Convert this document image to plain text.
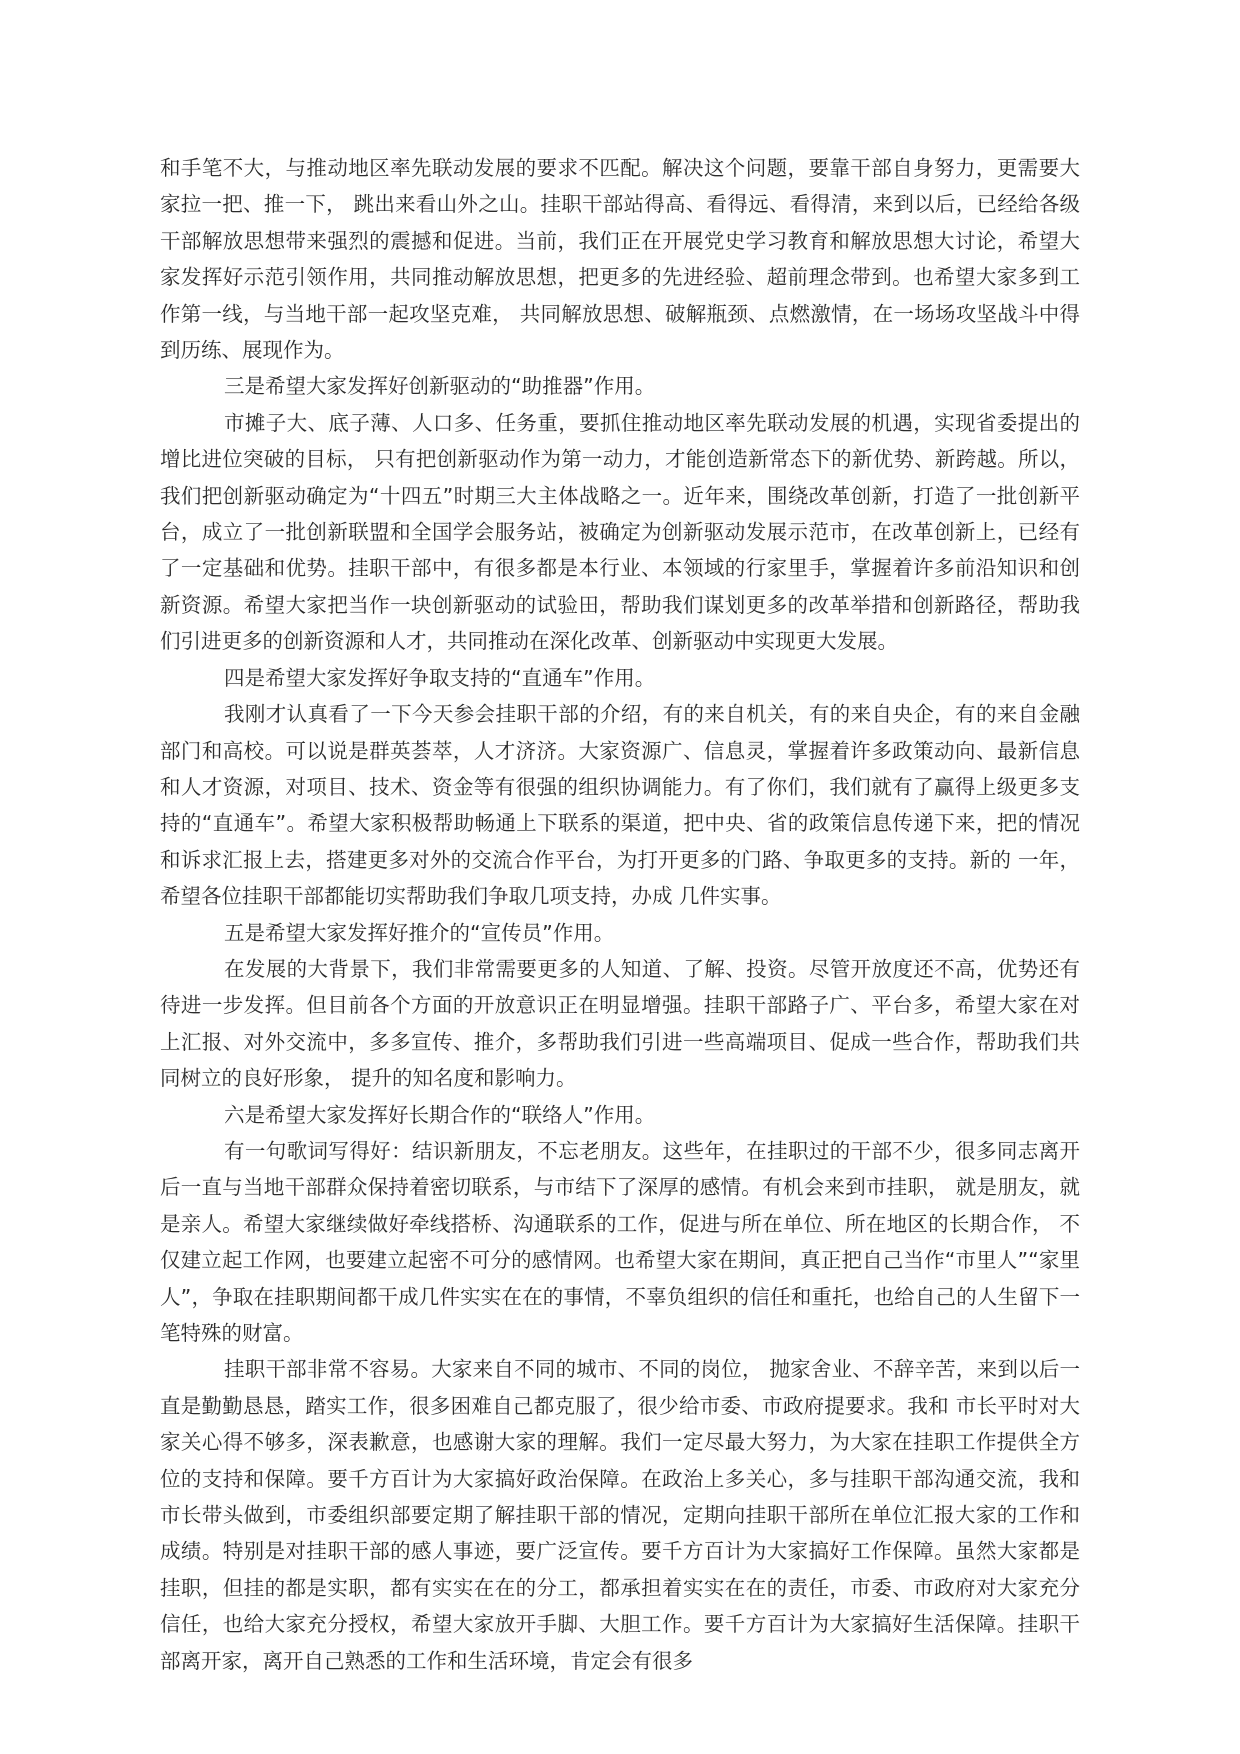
和手笔不大，与推动地区率先联动发展的要求不匹配。解决这个问题，要靠干部自身努力，更需要大家拉一把、推一下， 跳出来看山外之山。挂职干部站得高、看得远、看得清，来到以后，已经给各级干部解放思想带来强烈的震撼和促进。当前，我们正在开展党史学习教育和解放思想大讨论，希望大家发挥好示范引领作用，共同推动解放思想，把更多的先进经验、超前理念带到。也希望大家多到工作第一线，与当地干部一起攻坚克难， 共同解放思想、破解瓶颈、点燃激情，在一场场攻坚战斗中得到历练、展现作为。

三是希望大家发挥好创新驱动的“助推器”作用。

市摊子大、底子薄、人口多、任务重，要抓住推动地区率先联动发展的机遇，实现省委提出的增比进位突破的目标， 只有把创新驱动作为第一动力，才能创造新常态下的新优势、新跨越。所以，我们把创新驱动确定为“十四五”时期三大主体战略之一。近年来，围绕改革创新，打造了一批创新平台，成立了一批创新联盟和全国学会服务站，被确定为创新驱动发展示范市，在改革创新上，已经有了一定基础和优势。挂职干部中，有很多都是本行业、本领域的行家里手，掌握着许多前沿知识和创新资源。希望大家把当作一块创新驱动的试验田，帮助我们谋划更多的改革举措和创新路径，帮助我们引进更多的创新资源和人才，共同推动在深化改革、创新驱动中实现更大发展。

四是希望大家发挥好争取支持的“直通车”作用。

我刚才认真看了一下今天参会挂职干部的介绍，有的来自机关，有的来自央企，有的来自金融部门和高校。可以说是群英荟萃，人才济济。大家资源广、信息灵，掌握着许多政策动向、最新信息和人才资源，对项目、技术、资金等有很强的组织协调能力。有了你们，我们就有了赢得上级更多支持的“直通车”。希望大家积极帮助畅通上下联系的渠道，把中央、省的政策信息传递下来，把的情况和诉求汇报上去，搭建更多对外的交流合作平台，为打开更多的门路、争取更多的支持。新的 一年，希望各位挂职干部都能切实帮助我们争取几项支持，办成 几件实事。

五是希望大家发挥好推介的“宣传员”作用。

在发展的大背景下，我们非常需要更多的人知道、了解、投资。尽管开放度还不高，优势还有待进一步发挥。但目前各个方面的开放意识正在明显增强。挂职干部路子广、平台多，希望大家在对上汇报、对外交流中，多多宣传、推介，多帮助我们引进一些高端项目、促成一些合作，帮助我们共同树立的良好形象， 提升的知名度和影响力。

六是希望大家发挥好长期合作的“联络人”作用。

有一句歌词写得好：结识新朋友，不忘老朋友。这些年，在挂职过的干部不少，很多同志离开后一直与当地干部群众保持着密切联系，与市结下了深厚的感情。有机会来到市挂职， 就是朋友，就是亲人。希望大家继续做好牵线搭桥、沟通联系的工作，促进与所在单位、所在地区的长期合作， 不仅建立起工作网，也要建立起密不可分的感情网。也希望大家在期间，真正把自己当作“市里人”“家里人”，争取在挂职期间都干成几件实实在在的事情，不辜负组织的信任和重托，也给自己的人生留下一笔特殊的财富。

挂职干部非常不容易。大家来自不同的城市、不同的岗位， 抛家舍业、不辞辛苦，来到以后一直是勤勤恳恳，踏实工作，很多困难自己都克服了，很少给市委、市政府提要求。我和 市长平时对大家关心得不够多，深表歉意，也感谢大家的理解。我们一定尽最大努力，为大家在挂职工作提供全方位的支持和保障。要千方百计为大家搞好政治保障。在政治上多关心，多与挂职干部沟通交流，我和 市长带头做到，市委组织部要定期了解挂职干部的情况，定期向挂职干部所在单位汇报大家的工作和成绩。特别是对挂职干部的感人事迹，要广泛宣传。要千方百计为大家搞好工作保障。虽然大家都是挂职，但挂的都是实职，都有实实在在的分工，都承担着实实在在的责任，市委、市政府对大家充分信任，也给大家充分授权，希望大家放开手脚、大胆工作。要千方百计为大家搞好生活保障。挂职干部离开家，离开自己熟悉的工作和生活环境，肯定会有很多
